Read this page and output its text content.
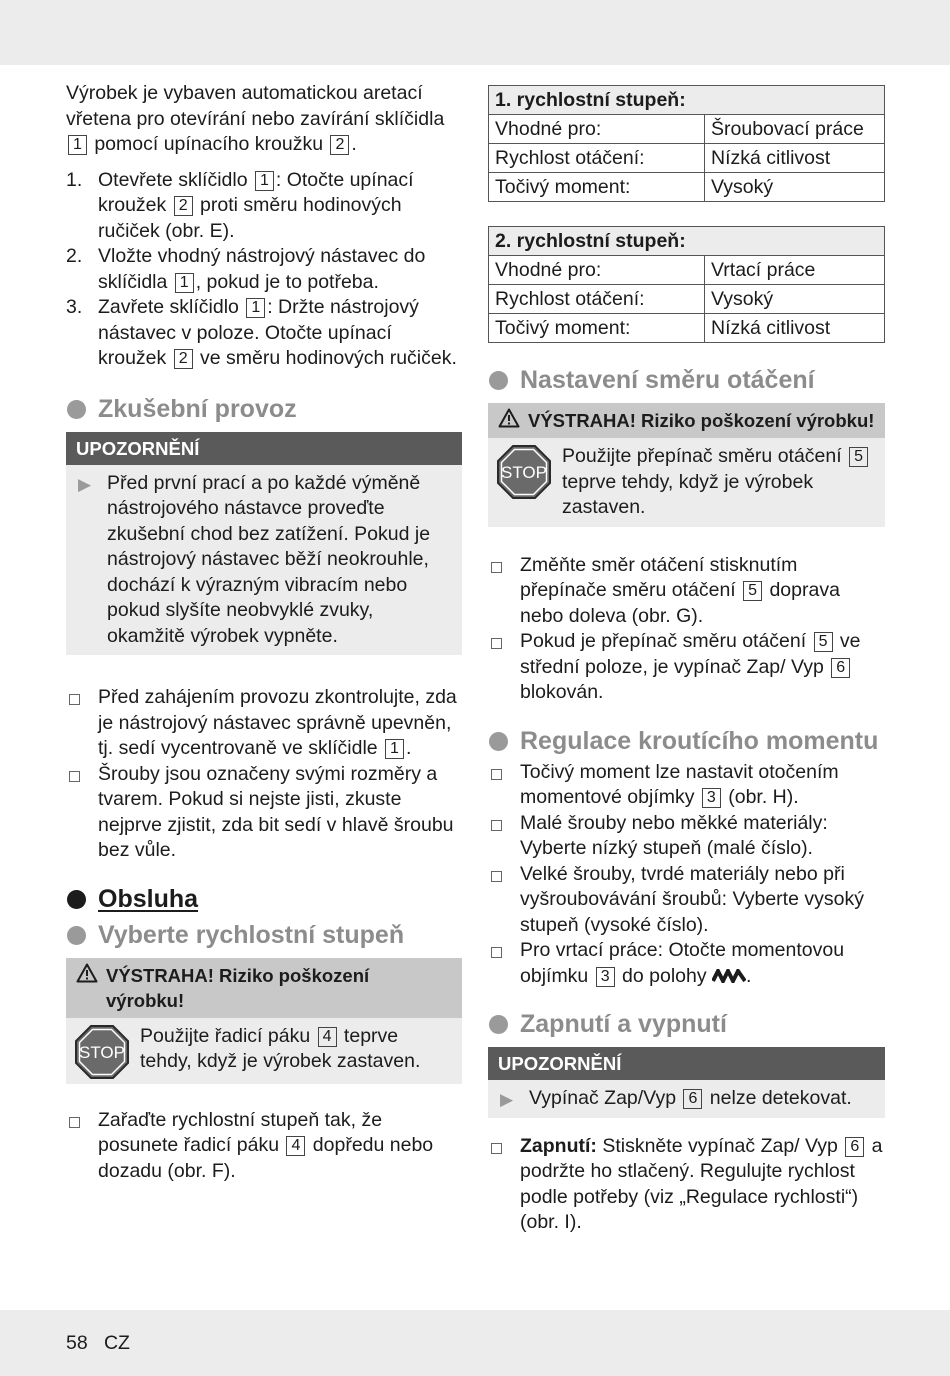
Výrobek je vybaven automatickou aretací vřetena pro otevírání nebo zavírání sklíčidla 1 pomocí upínacího kroužku 2 .

1. Otevřete sklíčidlo 1 : Otočte upínací kroužek 2 proti směru hodinových ručiček (obr. E).
2. Vložte vhodný nástrojový nástavec do sklíčidla 1 , pokud je to potřeba.
3. Zavřete sklíčidlo 1 : Držte nástrojový nástavec v poloze. Otočte upínací kroužek 2 ve směru hodinových ručiček.
Zkušební provoz
UPOZORNĚNÍ
▶ Před první prací a po každé výměně nástrojového nástavce proveďte zkušební chod bez zatížení. Pokud je nástrojový nástavec běží neokrouhle, dochází k výrazným vibracím nebo pokud slyšíte neobvyklé zvuky, okamžitě výrobek vypněte.
Před zahájením provozu zkontrolujte, zda je nástrojový nástavec správně upevněn, tj. sedí vycentrovaně ve sklíčidle 1 .
Šrouby jsou označeny svými rozměry a tvarem. Pokud si nejste jisti, zkuste nejprve zjistit, zda bit sedí v hlavě šroubu bez vůle.
Obsluha
Vyberte rychlostní stupeň
VÝSTRAHA! Riziko poškození výrobku!
STOP
Použijte řadicí páku 4 teprve tehdy, když je výrobek zastaven.
Zařaďte rychlostní stupeň tak, že posunete řadicí páku 4 dopředu nebo dozadu (obr. F).
1. rychlostní stupeň:	
Vhodné pro:	Šroubovací práce
Rychlost otáčení:	Nízká citlivost
Točivý moment:	Vysoký
2. rychlostní stupeň:	
Vhodné pro:	Vrtací práce
Rychlost otáčení:	Vysoký
Točivý moment:	Nízká citlivost
Nastavení směru otáčení
VÝSTRAHA! Riziko poškození výrobku!
STOP
Použijte přepínač směru otáčení 5 teprve tehdy, když je výrobek zastaven.
Změňte směr otáčení stisknutím přepínače směru otáčení 5 doprava nebo doleva (obr. G).
Pokud je přepínač směru otáčení 5 ve střední poloze, je vypínač Zap/ Vyp 6 blokován.
Regulace kroutícího momentu
Točivý moment lze nastavit otočením momentové objímky 3 (obr. H).
Malé šrouby nebo měkké materiály: Vyberte nízký stupeň (malé číslo).
Velké šrouby, tvrdé materiály nebo při vyšroubovávání šroubů: Vyberte vysoký stupeň (vysoké číslo).
Pro vrtací práce: Otočte momentovou objímku 3 do polohy .
Zapnutí a vypnutí
UPOZORNĚNÍ
▶ Vypínač Zap/Vyp 6 nelze detekovat.
Zapnutí: Stiskněte vypínač Zap/ Vyp 6 a podržte ho stlačený. Regulujte rychlost podle potřeby (viz „Regulace rychlosti“) (obr. I).
58 CZ
